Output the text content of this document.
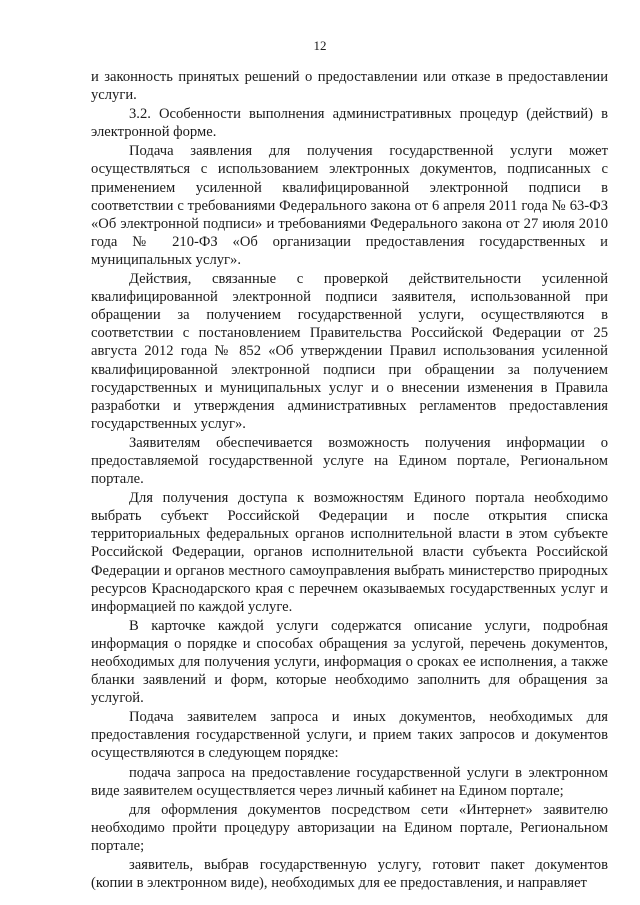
12

и законность принятых решений о предоставлении или отказе в предоставлении услуги.

3.2. Особенности выполнения административных процедур (действий) в электронной форме.

Подача заявления для получения государственной услуги может осуществляться с использованием электронных документов, подписанных с применением усиленной квалифицированной электронной подписи в соответствии с требованиями Федерального закона от 6 апреля 2011 года № 63-ФЗ «Об электронной подписи» и требованиями Федерального закона от 27 июля 2010 года № 210-ФЗ «Об организации предоставления государственных и муниципальных услуг».

Действия, связанные с проверкой действительности усиленной квалифицированной электронной подписи заявителя, использованной при обращении за получением государственной услуги, осуществляются в соответствии с постановлением Правительства Российской Федерации от 25 августа 2012 года № 852 «Об утверждении Правил использования усиленной квалифицированной электронной подписи при обращении за получением государственных и муниципальных услуг и о внесении изменения в Правила разработки и утверждения административных регламентов предоставления государственных услуг».

Заявителям обеспечивается возможность получения информации о предоставляемой государственной услуге на Едином портале, Региональном портале.

Для получения доступа к возможностям Единого портала необходимо выбрать субъект Российской Федерации и после открытия списка территориальных федеральных органов исполнительной власти в этом субъекте Российской Федерации, органов исполнительной власти субъекта Российской Федерации и органов местного самоуправления выбрать министерство природных ресурсов Краснодарского края с перечнем оказываемых государственных услуг и информацией по каждой услуге.

В карточке каждой услуги содержатся описание услуги, подробная информация о порядке и способах обращения за услугой, перечень документов, необходимых для получения услуги, информация о сроках ее исполнения, а также бланки заявлений и форм, которые необходимо заполнить для обращения за услугой.

Подача заявителем запроса и иных документов, необходимых для предоставления государственной услуги, и прием таких запросов и документов осуществляются в следующем порядке:

подача запроса на предоставление государственной услуги в электронном виде заявителем осуществляется через личный кабинет на Едином портале;

для оформления документов посредством сети «Интернет» заявителю необходимо пройти процедуру авторизации на Едином портале, Региональном портале;

заявитель, выбрав государственную услугу, готовит пакет документов (копии в электронном виде), необходимых для ее предоставления, и направляет
